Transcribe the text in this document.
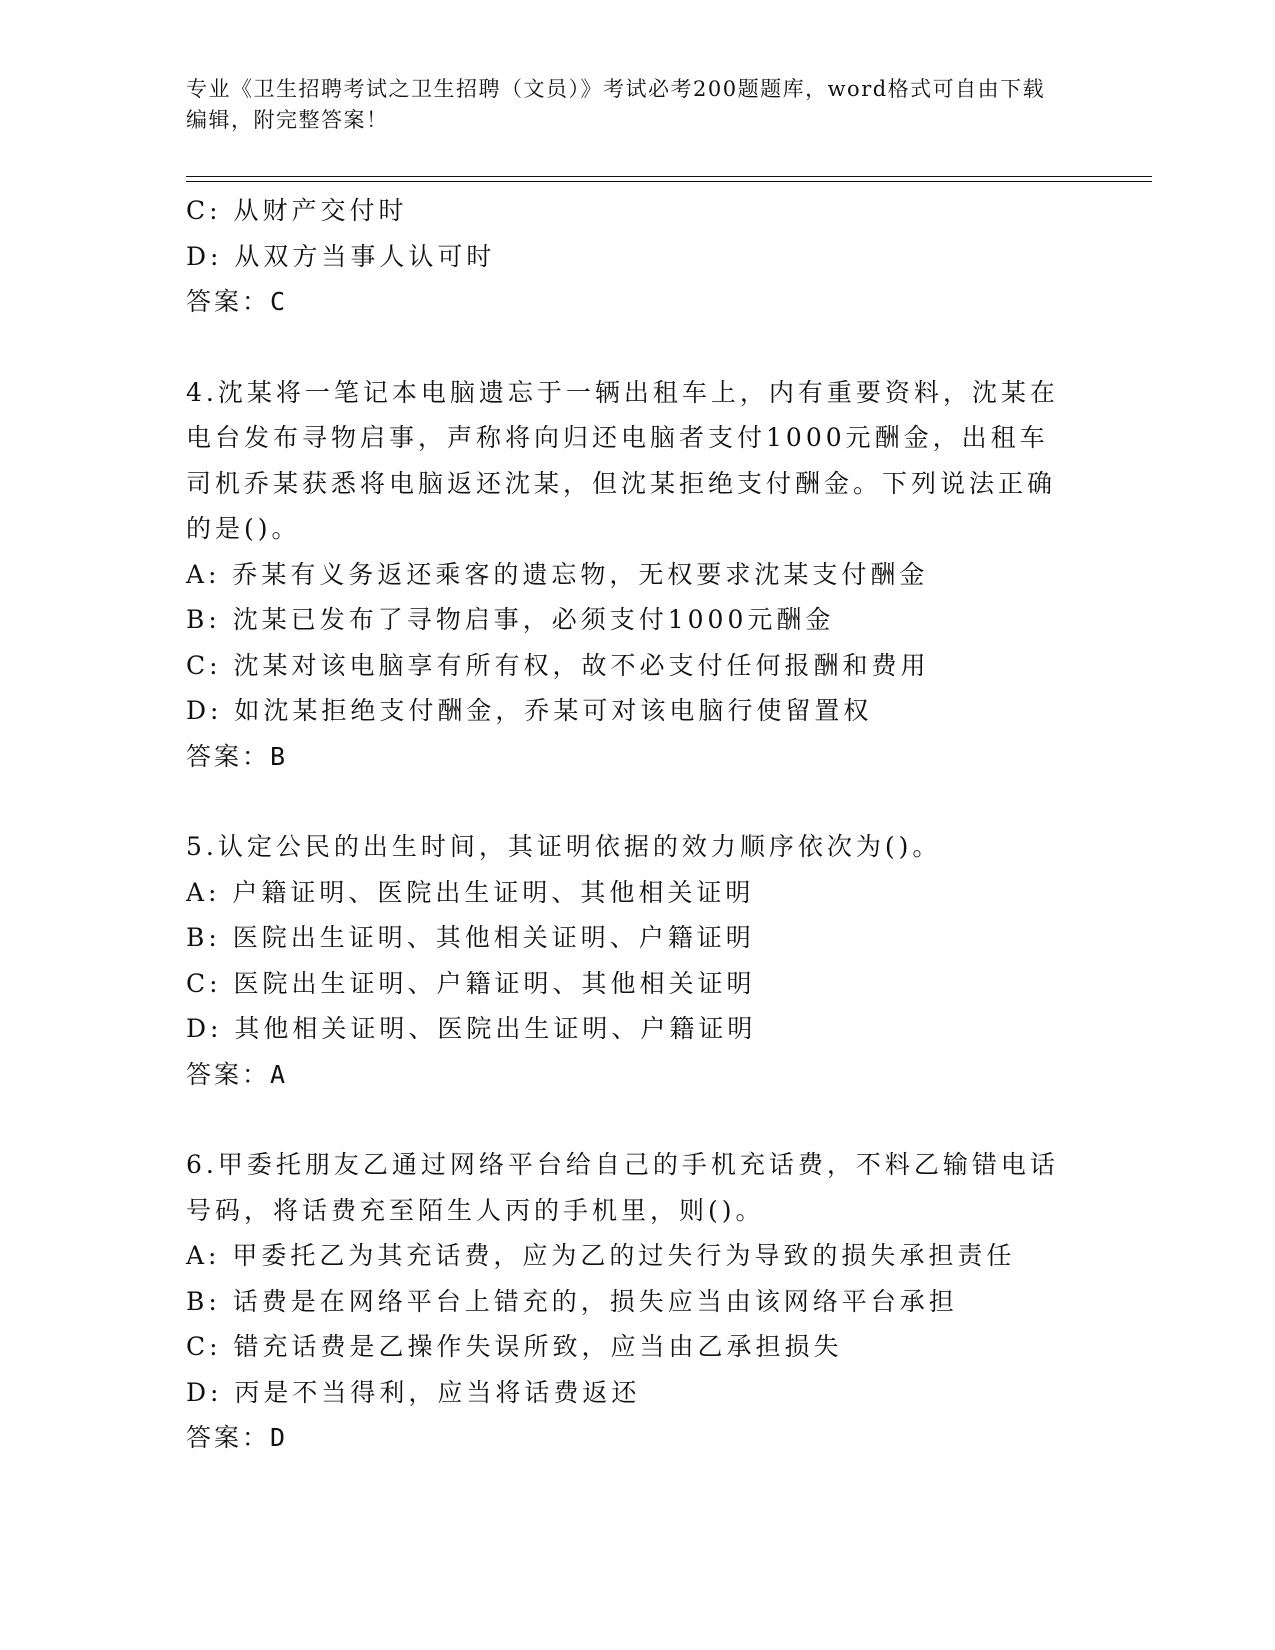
专业《卫生招聘考试之卫生招聘（文员）》考试必考200题题库，word格式可自由下载编辑，附完整答案！

C: 从财产交付时

D: 从双方当事人认可时

答案：C

4.沈某将一笔记本电脑遗忘于一辆出租车上，内有重要资料，沈某在电台发布寻物启事，声称将向归还电脑者支付1000元酬金，出租车司机乔某获悉将电脑返还沈某，但沈某拒绝支付酬金。下列说法正确的是()。

A: 乔某有义务返还乘客的遗忘物，无权要求沈某支付酬金

B: 沈某已发布了寻物启事，必须支付1000元酬金

C: 沈某对该电脑享有所有权，故不必支付任何报酬和费用

D: 如沈某拒绝支付酬金，乔某可对该电脑行使留置权

答案：B

5.认定公民的出生时间，其证明依据的效力顺序依次为()。

A: 户籍证明、医院出生证明、其他相关证明

B: 医院出生证明、其他相关证明、户籍证明

C: 医院出生证明、户籍证明、其他相关证明

D: 其他相关证明、医院出生证明、户籍证明

答案：A

6.甲委托朋友乙通过网络平台给自己的手机充话费，不料乙输错电话号码，将话费充至陌生人丙的手机里，则()。

A: 甲委托乙为其充话费，应为乙的过失行为导致的损失承担责任

B: 话费是在网络平台上错充的，损失应当由该网络平台承担

C: 错充话费是乙操作失误所致，应当由乙承担损失

D: 丙是不当得利，应当将话费返还

答案：D
